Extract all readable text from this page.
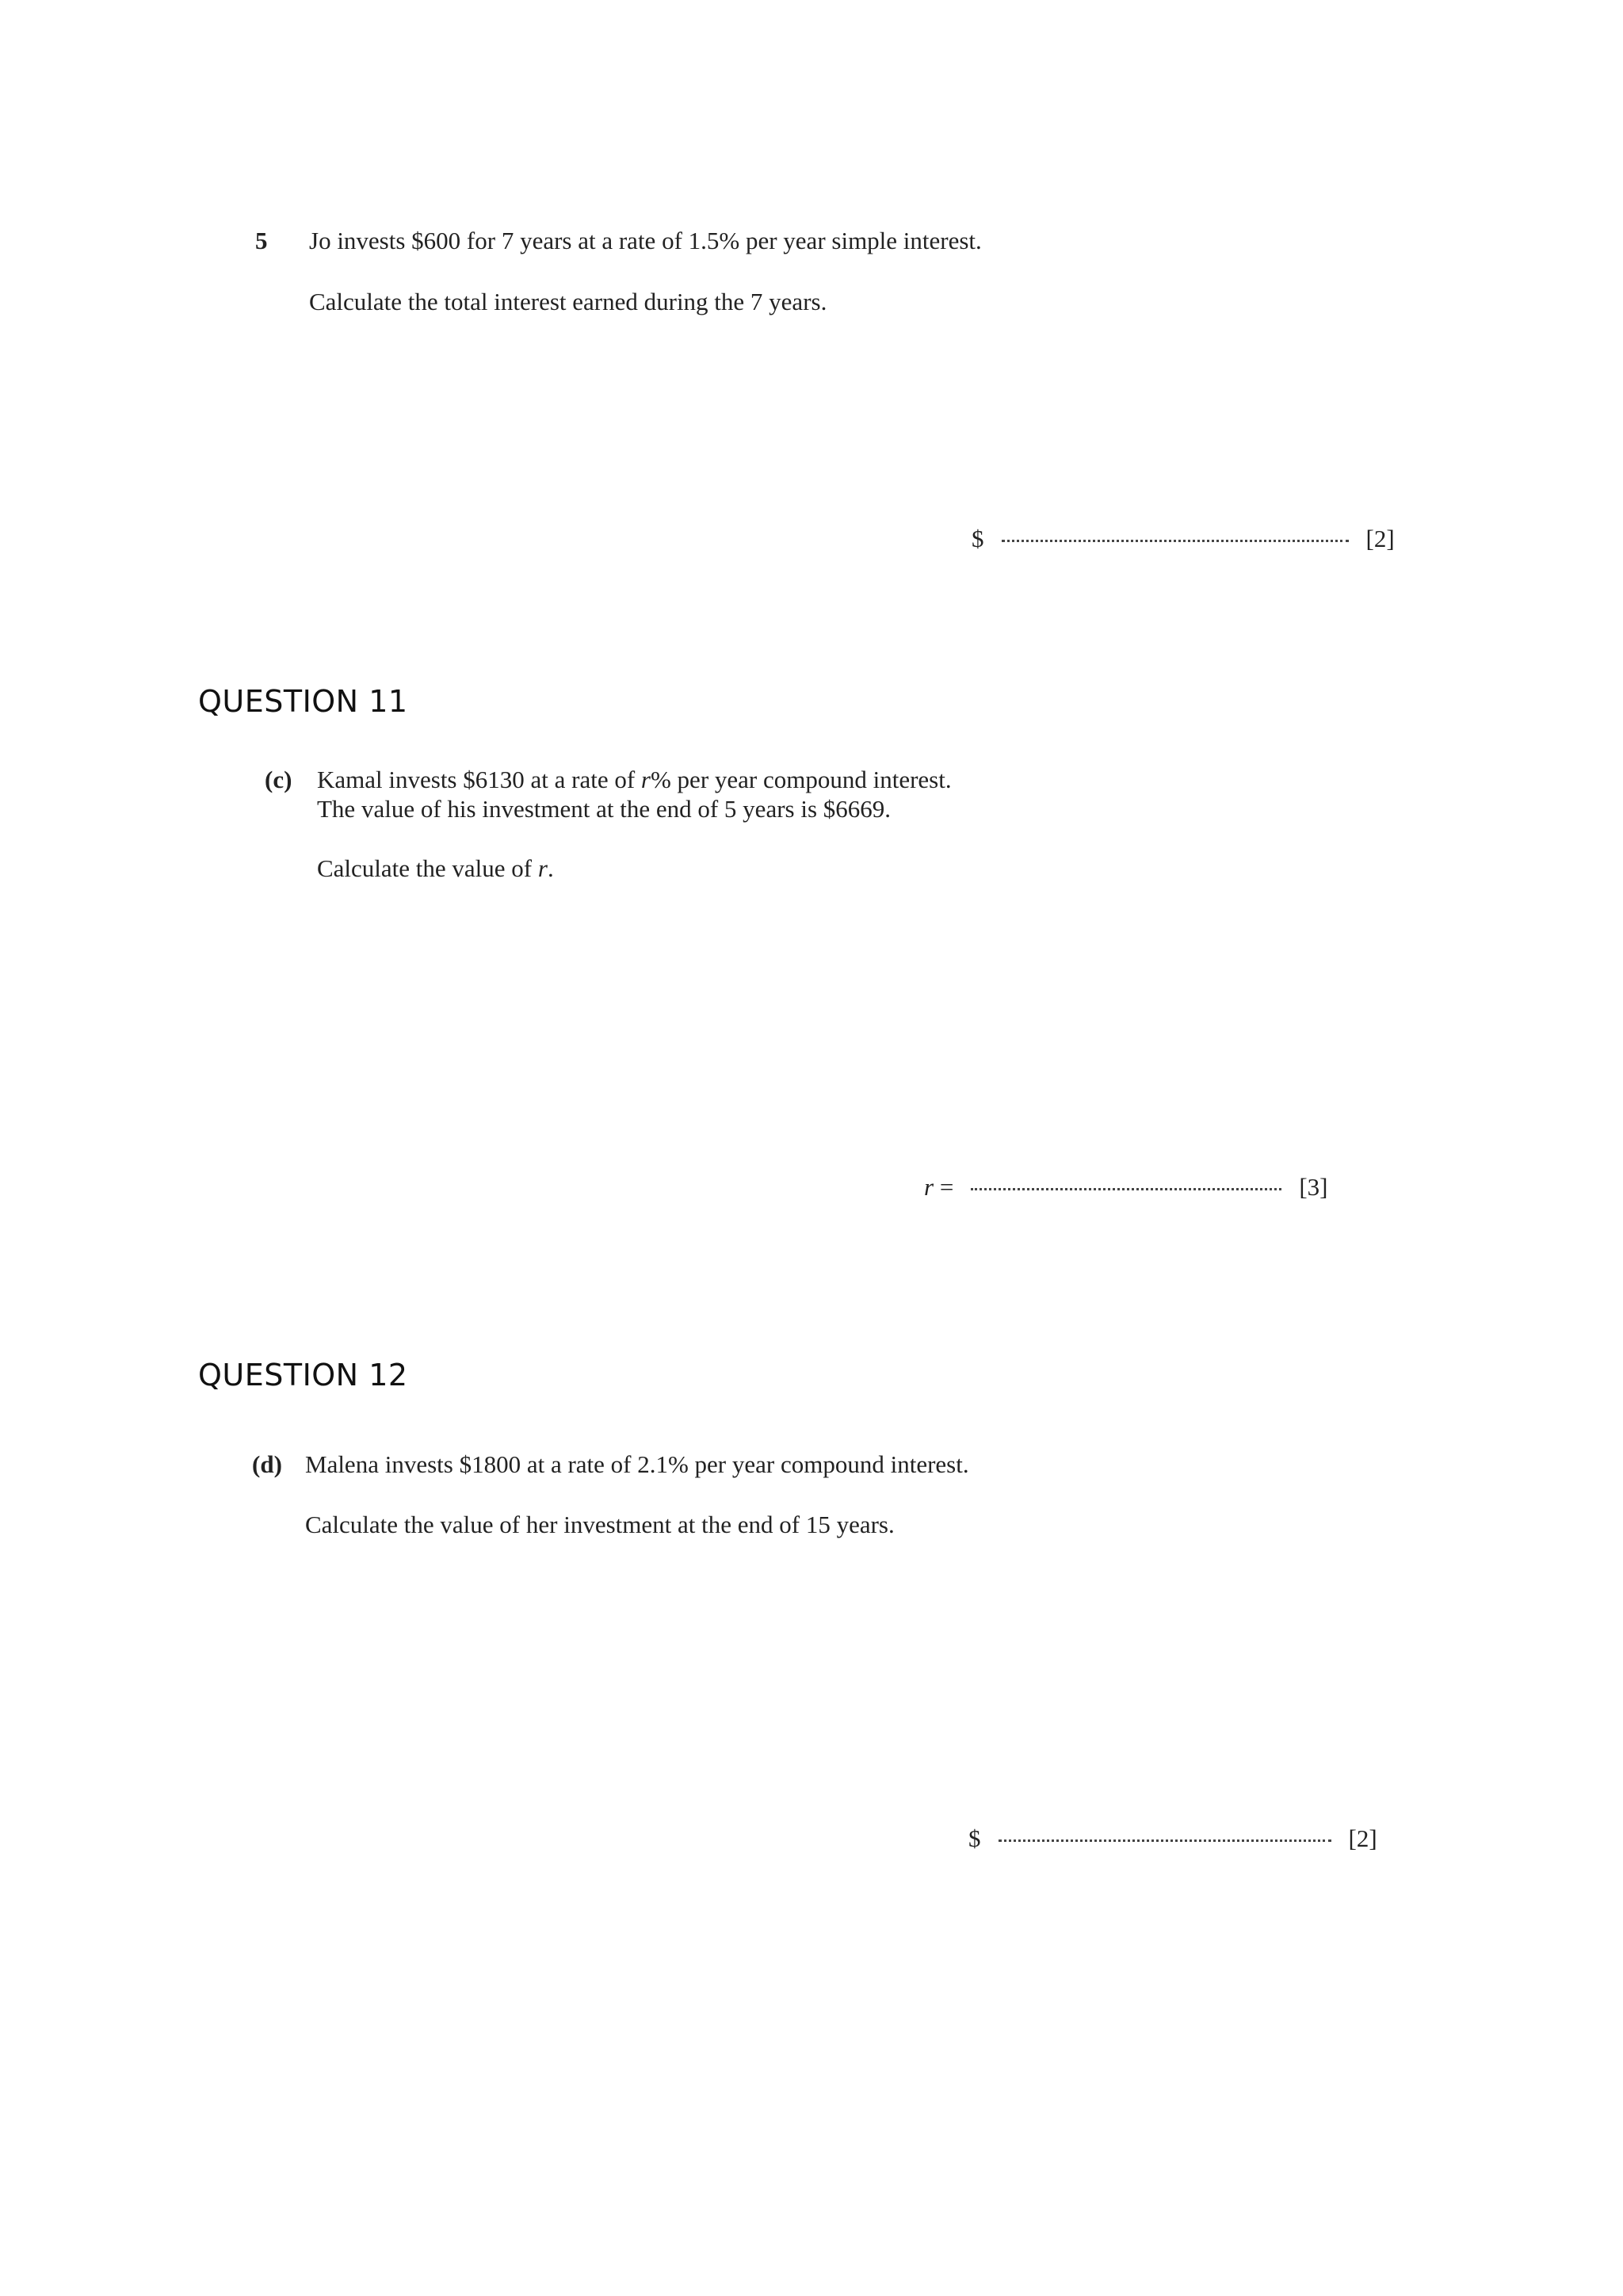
5 Jo invests $600 for 7 years at a rate of 1.5% per year simple interest.
Calculate the total interest earned during the 7 years.
$	[2]
QUESTION 11
(c) Kamal invests $6130 at a rate of r% per year compound interest.
The value of his investment at the end of 5 years is $6669.
Calculate the value of r.
r =	[3]
QUESTION 12
(d) Malena invests $1800 at a rate of 2.1% per year compound interest.
Calculate the value of her investment at the end of 15 years.
$	[2]
